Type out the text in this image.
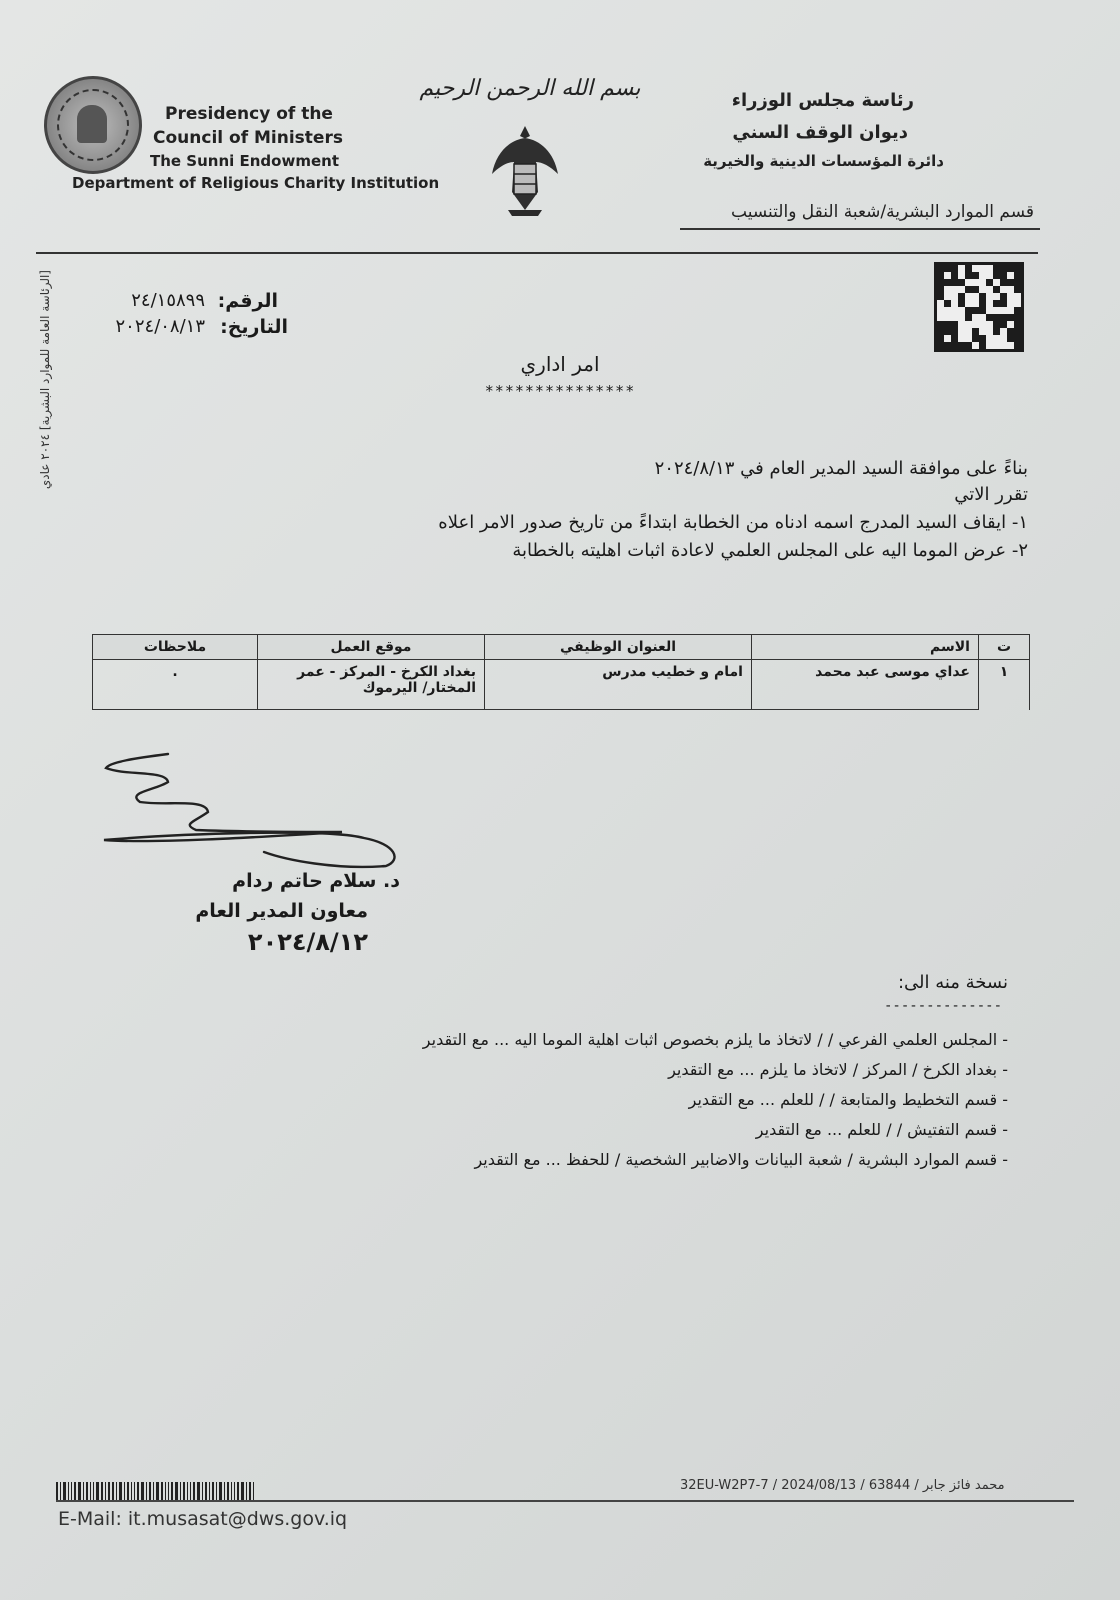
Presidency of the
Council of Ministers
The Sunni Endowment
Department of Religious Charity Institution
بسم الله الرحمن الرحيم	رئاسة مجلس الوزراء
ديوان الوقف السني
دائرة المؤسسات الدينية والخيرية
قسم الموارد البشرية/شعبة النقل والتنسيب
[الرئاسة العامة للموارد البشرية] ٢٠٢٤ عادي	الرقم:
٢٤/١٥٨٩٩
التاريخ:
٢٠٢٤/٠٨/١٣
امر اداري
***************
بناءً على موافقة السيد المدير العام في ٢٠٢٤/٨/١٣
تقرر الاتي
١- ايقاف السيد المدرج اسمه ادناه من الخطابة ابتداءً من تاريخ صدور الامر اعلاه
٢- عرض الموما اليه على المجلس العلمي لاعادة اثبات اهليته بالخطابة
ت	الاسم	العنوان الوظيفي	موقع العمل	ملاحظات
١	عداي موسى عبد محمد	امام و خطيب مدرس	بغداد الكرخ - المركز - عمر المختار/ اليرموك	.
د. سلام حاتم ردام
معاون المدير العام
٢٠٢٤/٨/١٢
نسخة منه الى:
--------------
- المجلس العلمي الفرعي / / لاتخاذ ما يلزم بخصوص اثبات اهلية الموما اليه ... مع التقدير
- بغداد الكرخ / المركز / لاتخاذ ما يلزم ... مع التقدير
- قسم التخطيط والمتابعة / / للعلم ... مع التقدير
- قسم التفتيش / / للعلم ... مع التقدير
- قسم الموارد البشرية / شعبة البيانات والاضابير الشخصية / للحفظ ... مع التقدير
32EU-W2P7-7 / 2024/08/13 / محمد فائز جابر / 63844
E-Mail: it.musasat@dws.gov.iq
